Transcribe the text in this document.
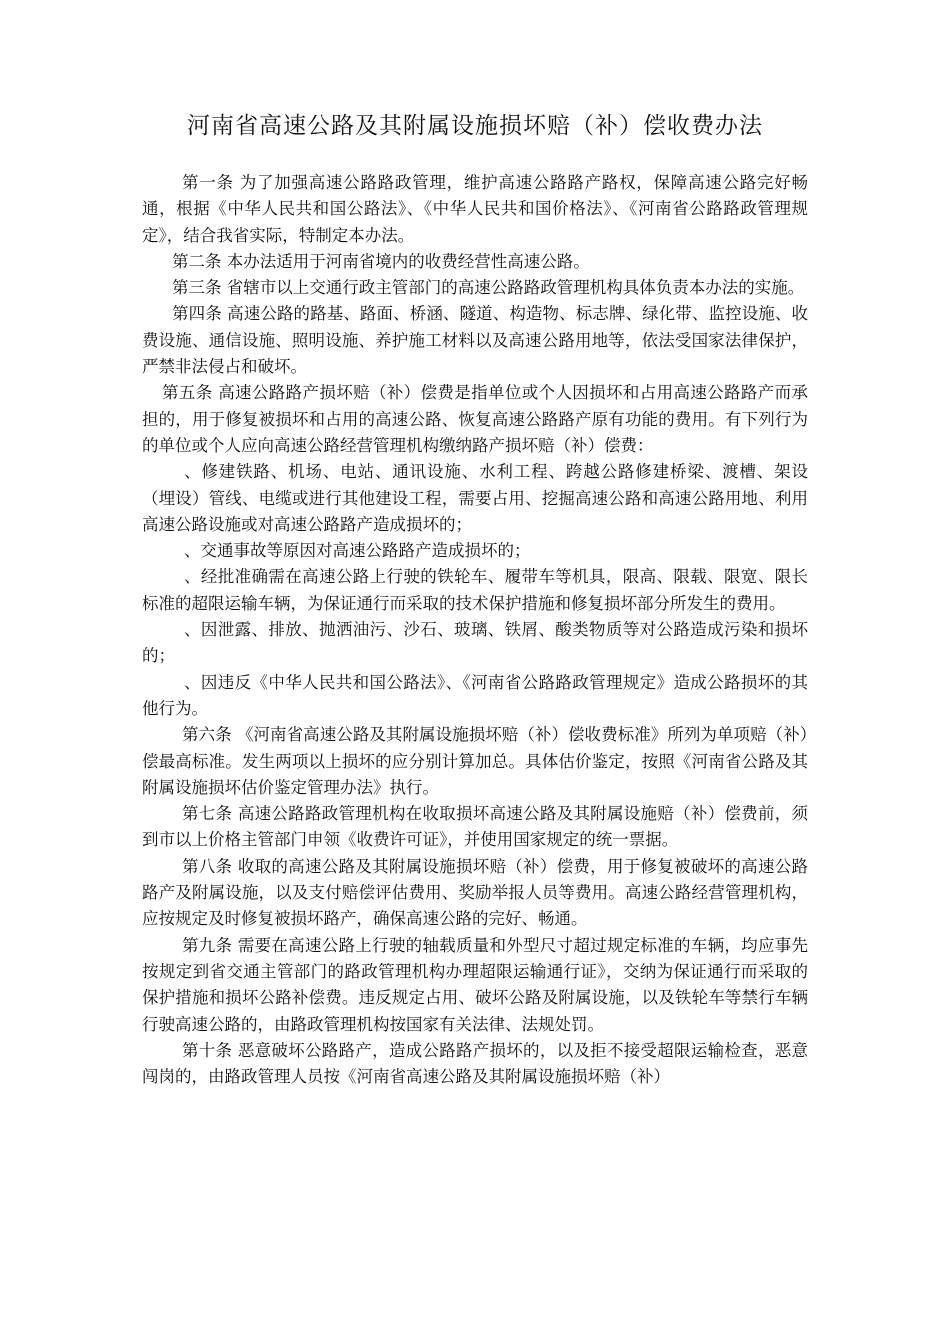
河南省高速公路及其附属设施损坏赔（补）偿收费办法

第一条 为了加强高速公路路政管理，维护高速公路路产路权，保障高速公路完好畅通，根据《中华人民共和国公路法》、《中华人民共和国价格法》、《河南省公路路政管理规定》，结合我省实际，特制定本办法。

第二条 本办法适用于河南省境内的收费经营性高速公路。

第三条 省辖市以上交通行政主管部门的高速公路路政管理机构具体负责本办法的实施。

第四条 高速公路的路基、路面、桥涵、隧道、构造物、标志牌、绿化带、监控设施、收费设施、通信设施、照明设施、养护施工材料以及高速公路用地等，依法受国家法律保护，严禁非法侵占和破坏。

第五条 高速公路路产损坏赔（补）偿费是指单位或个人因损坏和占用高速公路路产而承担的，用于修复被损坏和占用的高速公路、恢复高速公路路产原有功能的费用。有下列行为的单位或个人应向高速公路经营管理机构缴纳路产损坏赔（补）偿费：

、修建铁路、机场、电站、通讯设施、水利工程、跨越公路修建桥梁、渡槽、架设（埋设）管线、电缆或进行其他建设工程，需要占用、挖掘高速公路和高速公路用地、利用高速公路设施或对高速公路路产造成损坏的；

、交通事故等原因对高速公路路产造成损坏的；

、经批准确需在高速公路上行驶的铁轮车、履带车等机具，限高、限载、限宽、限长标准的超限运输车辆，为保证通行而采取的技术保护措施和修复损坏部分所发生的费用。

、因泄露、排放、抛洒油污、沙石、玻璃、铁屑、酸类物质等对公路造成污染和损坏的；

、因违反《中华人民共和国公路法》、《河南省公路路政管理规定》造成公路损坏的其他行为。

第六条 《河南省高速公路及其附属设施损坏赔（补）偿收费标准》所列为单项赔（补）偿最高标准。发生两项以上损坏的应分别计算加总。具体估价鉴定，按照《河南省公路及其附属设施损坏估价鉴定管理办法》执行。

第七条 高速公路路政管理机构在收取损坏高速公路及其附属设施赔（补）偿费前，须到市以上价格主管部门申领《收费许可证》，并使用国家规定的统一票据。

第八条 收取的高速公路及其附属设施损坏赔（补）偿费，用于修复被破坏的高速公路路产及附属设施，以及支付赔偿评估费用、奖励举报人员等费用。高速公路经营管理机构，应按规定及时修复被损坏路产，确保高速公路的完好、畅通。

第九条 需要在高速公路上行驶的轴载质量和外型尺寸超过规定标准的车辆，均应事先按规定到省交通主管部门的路政管理机构办理超限运输通行证》，交纳为保证通行而采取的保护措施和损坏公路补偿费。违反规定占用、破坏公路及附属设施，以及铁轮车等禁行车辆行驶高速公路的，由路政管理机构按国家有关法律、法规处罚。

第十条 恶意破坏公路路产，造成公路路产损坏的，以及拒不接受超限运输检查，恶意闯岗的，由路政管理人员按《河南省高速公路及其附属设施损坏赔（补）
